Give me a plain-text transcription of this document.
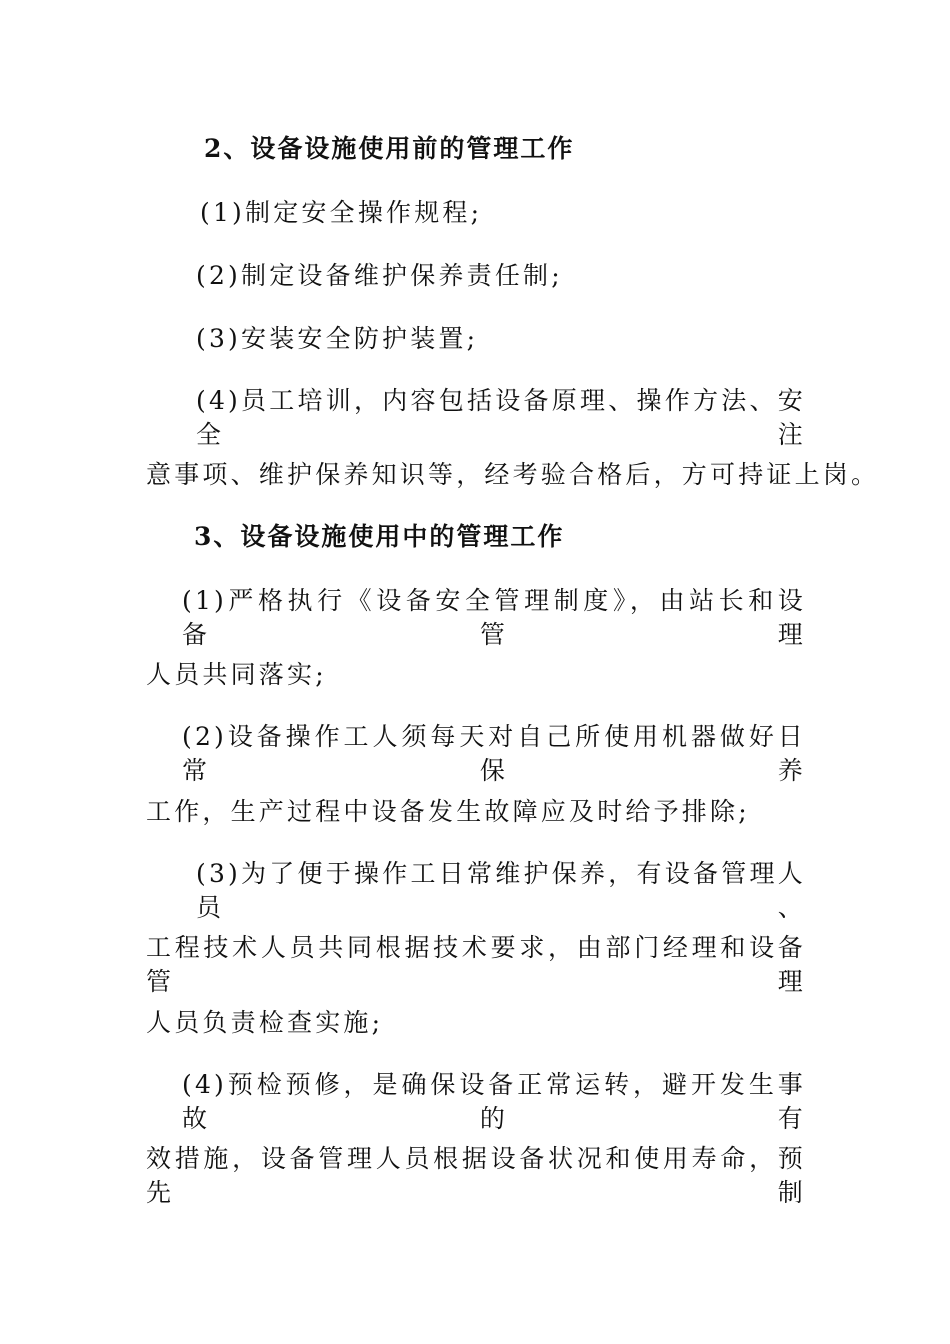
2、设备设施使用前的管理工作
(1)制定安全操作规程;
(2)制定设备维护保养责任制;
(3)安装安全防护装置;
(4)员工培训，内容包括设备原理、操作方法、安全注
意事项、维护保养知识等，经考验合格后，方可持证上岗。
3、设备设施使用中的管理工作
(1)严格执行《设备安全管理制度》，由站长和设备管理
人员共同落实;
(2)设备操作工人须每天对自己所使用机器做好日常保养
工作，生产过程中设备发生故障应及时给予排除;
(3)为了便于操作工日常维护保养，有设备管理人员、
工程技术人员共同根据技术要求，由部门经理和设备管理
人员负责检查实施;
(4)预检预修，是确保设备正常运转，避开发生事故的有
效措施，设备管理人员根据设备状况和使用寿命，预先制
